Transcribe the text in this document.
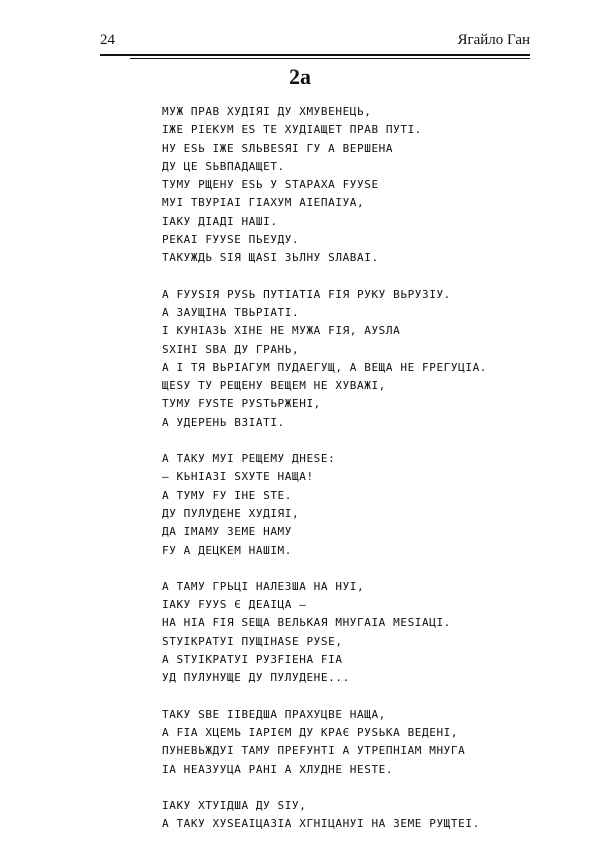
24	Ягайло Ган
2а
МУЖ ПРАВ ХУДІЯІ ДУ ХМУВЕНЕЦЬ,
ІЖЕ РІЕКУМ ЕS ТЕ ХУДІАЩЕТ ПРАВ ПУТІ.
НУ ЕSЬ ІЖЕ SЛЬВЕSЯІ ГУ А ВЕРШЕНА
ДУ ЦЕ SЬВПАДАЩЕТ.
ТУМУ РЩЕНУ ЕSЬ У STАРАХА FУУSЕ
МУІ ТВУРІАІ ГІАХУМ АІЕПАІУА,
ІАКУ ДІАДІ НАШІ.
РЕКАІ FУУSЕ ПЬЕУДУ.
ТАКУЖДЬ SІЯ ЩАSІ ЗЬЛНУ SЛАВАІ.
А FУУSІЯ РУSЬ ПУТІАТІА FІЯ РУКУ ВЬРУЗІУ.
А ЗАУЩІНА ТВЬРІАТІ.
І КУНІАЗЬ ХІНЕ НЕ МУЖА FІЯ, АУSЛА
SХІНІ SВА ДУ ГРАНЬ,
А І ТЯ ВЬРІАГУМ ПУДАЕГУЩ, А ВЕЩА НЕ FРЕГУЦІА.
ЩЕSУ ТУ РЕЩЕНУ ВЕЩЕМ НЕ ХУВАЖІ,
ТУМУ FУSТЕ РУSТЬРЖЕНІ,
А УДЕРЕНЬ ВЗІАТІ.
А ТАКУ МУІ РЕЩЕМУ ДНЕSЕ:
— КЬНІАЗІ SХУТЕ НАЩА!
А ТУМУ FУ ІНЕ SТЕ.
ДУ ПУЛУДЕНЕ ХУДІЯІ,
ДА ІМАМУ ЗЕМЕ НАМУ
FУ А ДЕЦКЕМ НАШІМ.
А ТАМУ ГРЬЦІ НАЛЕЗША НА НУІ,
ІАКУ FУУS Є ДЕАІЦА —
НА НІА FІЯ SЕЩА ВЕЛЬКАЯ МНУГАІА МЕSІАЦІ.
SТУІКРАТУІ ПУЩІНАSЕ РУSЕ,
А SТУІКРАТУІ РУЗFІЕНА FІА
УД ПУЛУНУЩЕ ДУ ПУЛУДЕНЕ...
ТАКУ SВЕ ІІВЕДША ПРАХУЦВЕ НАЩА,
А FІА ХЦЕМЬ ІАРІЄМ ДУ КРАЄ РУSЬКА ВЕДЕНІ,
ПУНЕВЬЖДУІ ТАМУ ПРЕFУНТІ А УТРЕПНІАМ МНУГА
ІА НЕАЗУУЦА РАНІ А ХЛУДНЕ НЕSТЕ.
ІАКУ ХТУІДША ДУ SІУ,
А ТАКУ ХУSЕАІЦАЗІА ХГНІЦАНУІ НА ЗЕМЕ РУЩТЕІ.
